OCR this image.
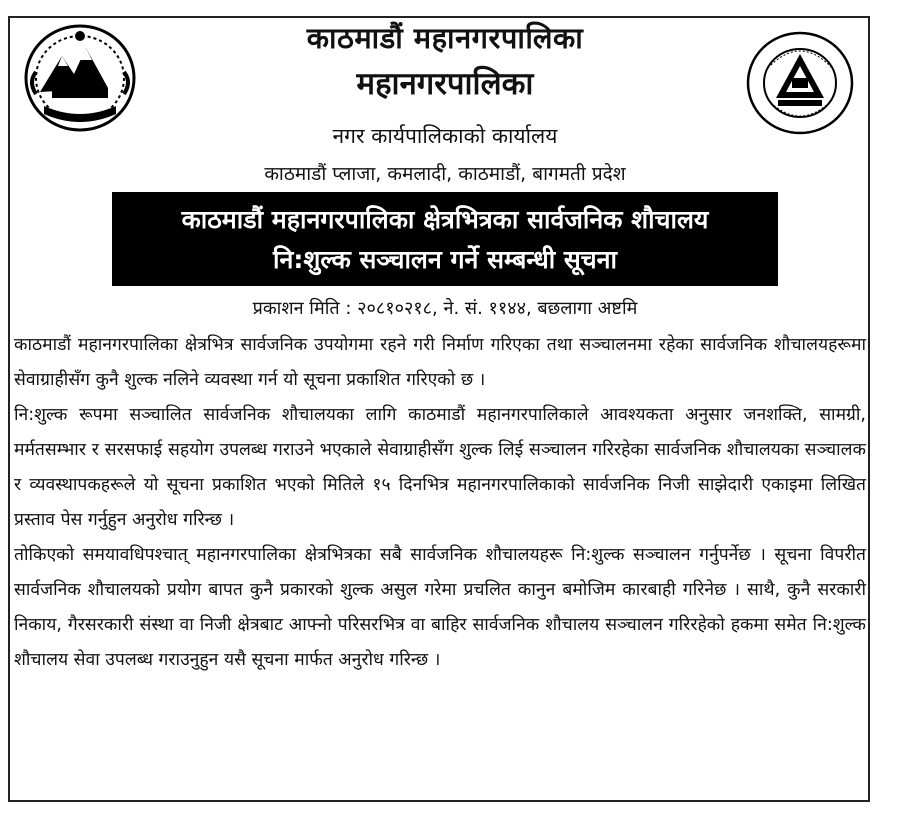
काठमाडौं महानगरपालिका
महानगरपालिका
नगर कार्यपालिकाको कार्यालय
काठमाडौं प्लाजा, कमलादी, काठमाडौं, बागमती प्रदेश
काठमाडौं महानगरपालिका क्षेत्रभित्रका सार्वजनिक शौचालय
नि:शुल्क सञ्चालन गर्ने सम्बन्धी सूचना
प्रकाशन मिति : २०८१०२१८, ने. सं. ११४४, बछलागा अष्टमि

काठमाडौं महानगरपालिका क्षेत्रभित्र सार्वजनिक उपयोगमा रहने गरी निर्माण गरिएका तथा सञ्चालनमा रहेका सार्वजनिक शौचालयहरूमा सेवाग्राहीसँग कुनै शुल्क नलिने व्यवस्था गर्न यो सूचना प्रकाशित गरिएको छ ।

नि:शुल्क रूपमा सञ्चालित सार्वजनिक शौचालयका लागि काठमाडौं महानगरपालिकाले आवश्यकता अनुसार जनशक्ति, सामग्री, मर्मतसम्भार र सरसफाई सहयोग उपलब्ध गराउने भएकाले सेवाग्राहीसँग शुल्क लिई सञ्चालन गरिरहेका सार्वजनिक शौचालयका सञ्चालक र व्यवस्थापकहरूले यो सूचना प्रकाशित भएको मितिले १५ दिनभित्र महानगरपालिकाको सार्वजनिक निजी साझेदारी एकाइमा लिखित प्रस्ताव पेस गर्नुहुन अनुरोध गरिन्छ ।

तोकिएको समयावधिपश्चात् महानगरपालिका क्षेत्रभित्रका सबै सार्वजनिक शौचालयहरू नि:शुल्क सञ्चालन गर्नुपर्नेछ । सूचना विपरीत सार्वजनिक शौचालयको प्रयोग बापत कुनै प्रकारको शुल्क असुल गरेमा प्रचलित कानुन बमोजिम कारबाही गरिनेछ । साथै, कुनै सरकारी निकाय, गैरसरकारी संस्था वा निजी क्षेत्रबाट आफ्नो परिसरभित्र वा बाहिर सार्वजनिक शौचालय सञ्चालन गरिरहेको हकमा समेत नि:शुल्क शौचालय सेवा उपलब्ध गराउनुहुन यसै सूचना मार्फत अनुरोध गरिन्छ ।
